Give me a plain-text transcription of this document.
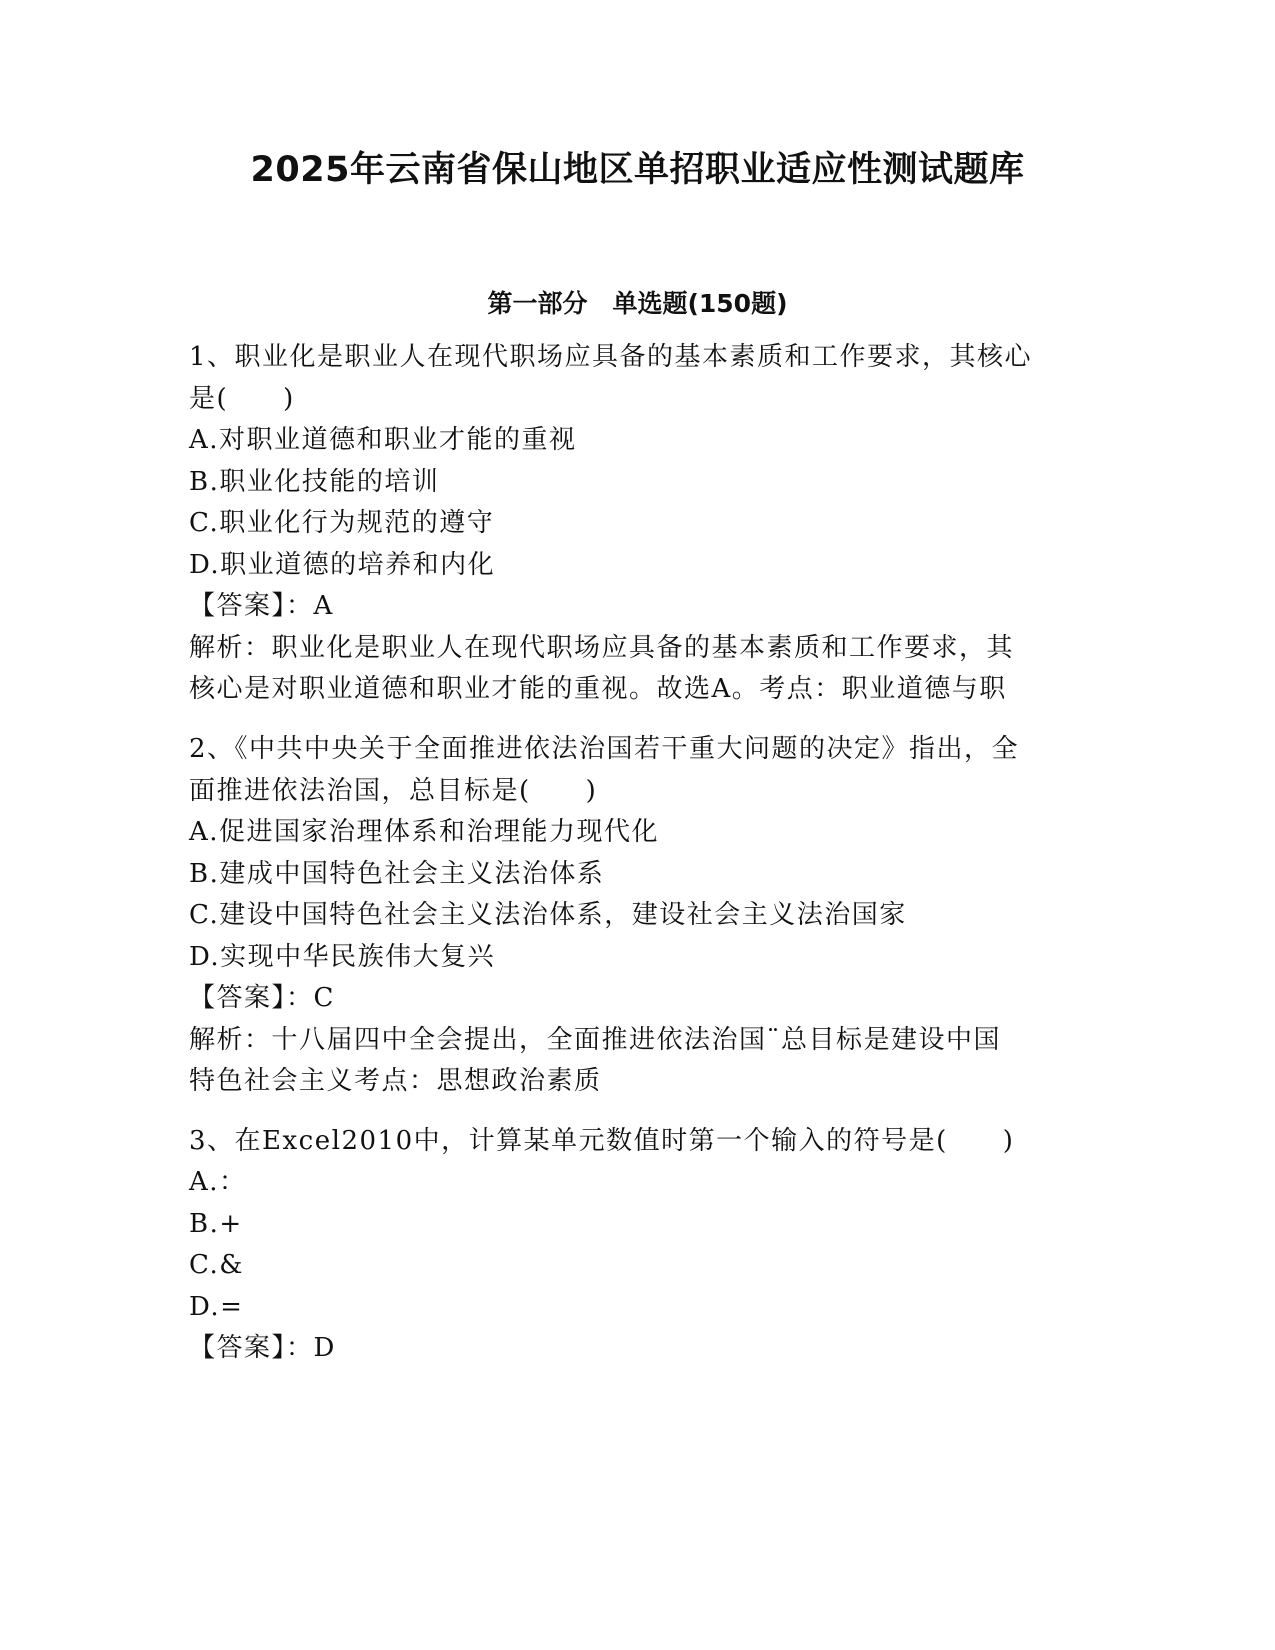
2025年云南省保山地区单招职业适应性测试题库
第一部分　单选题(150题)
1、职业化是职业人在现代职场应具备的基本素质和工作要求，其核心
是(　　)
A.对职业道德和职业才能的重视
B.职业化技能的培训
C.职业化行为规范的遵守
D.职业道德的培养和内化
【答案】：A
解析：职业化是职业人在现代职场应具备的基本素质和工作要求，其
核心是对职业道德和职业才能的重视。故选A。考点：职业道德与职
2、《中共中央关于全面推进依法治国若干重大问题的决定》指出，全
面推进依法治国，总目标是(　　)
A.促进国家治理体系和治理能力现代化
B.建成中国特色社会主义法治体系
C.建设中国特色社会主义法治体系，建设社会主义法治国家
D.实现中华民族伟大复兴
【答案】：C
解析：十八届四中全会提出，全面推进依法治国¨总目标是建设中国
特色社会主义考点：思想政治素质
3、在Excel2010中，计算某单元数值时第一个输入的符号是(　　)
A.：
B.+
C.&
D.=
【答案】：D
